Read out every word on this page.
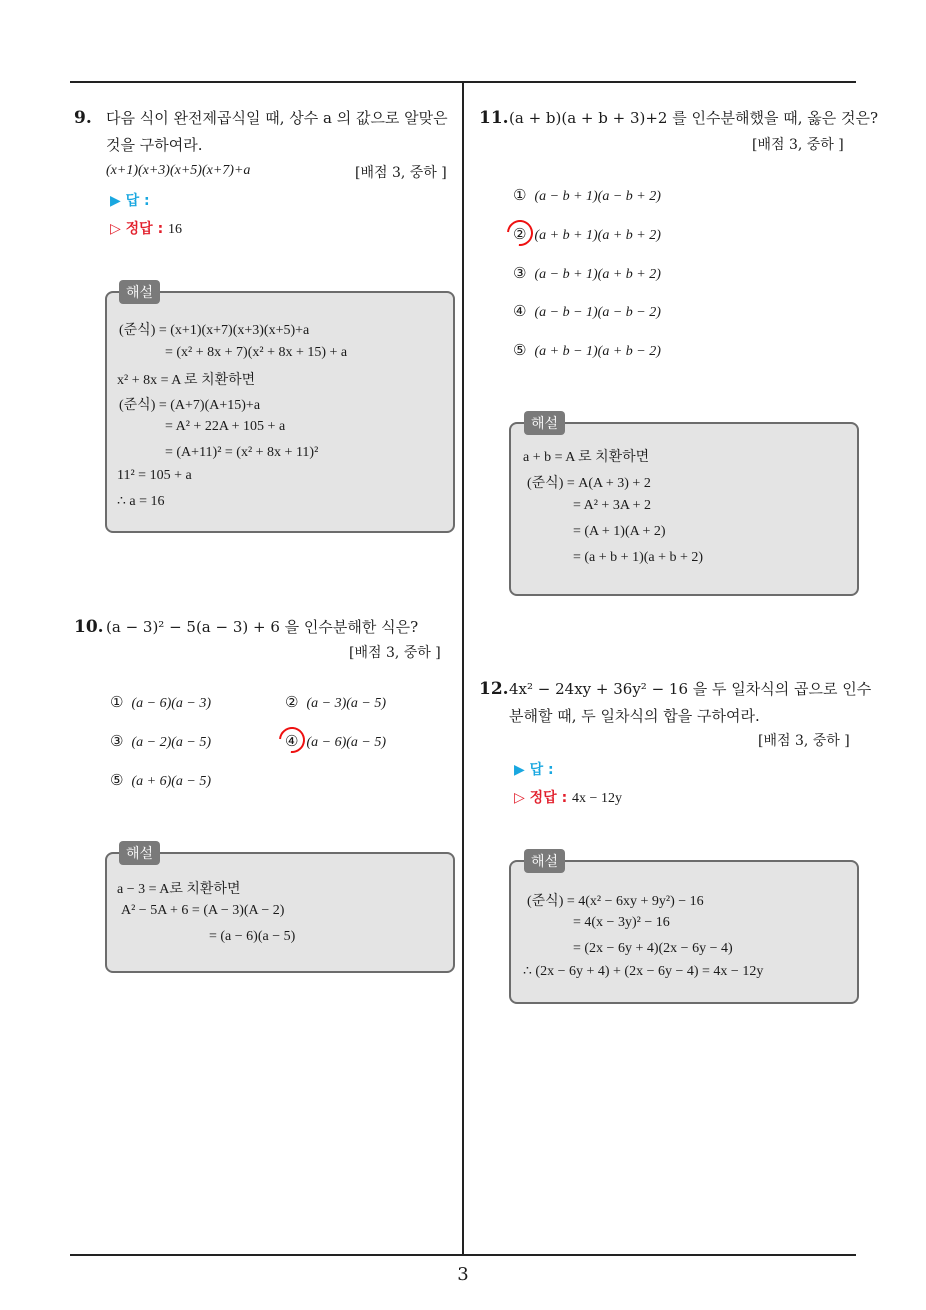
3
9. 다음 식이 완전제곱식일 때, 상수 a 의 값으로 알맞은
것을 구하여라.
(x+1)(x+3)(x+5)(x+7)+a	[배점 3, 중하 ]
▶ 답 :
▷ 정답 : 16
(준식) = (x+1)(x+7)(x+3)(x+5)+a
= (x² + 8x + 7)(x² + 8x + 15) + a
x² + 8x = A 로 치환하면
(준식) = (A+7)(A+15)+a
= A² + 22A + 105 + a
= (A+11)² = (x² + 8x + 11)²
11² = 105 + a
∴ a = 16
해설
10. (a − 3)² − 5(a − 3) + 6 을 인수분해한 식은?
[배점 3, 중하 ]
① (a − 6)(a − 3)	② (a − 3)(a − 5)
③ (a − 2)(a − 5)	④ (a − 6)(a − 5)
⑤ (a + 6)(a − 5)
a − 3 = A로 치환하면
A² − 5A + 6 = (A − 3)(A − 2)
= (a − 6)(a − 5)
해설
11. (a + b)(a + b + 3)+2 를 인수분해했을 때, 옳은 것은?
[배점 3, 중하 ]
① (a − b + 1)(a − b + 2)
② (a + b + 1)(a + b + 2)
③ (a − b + 1)(a + b + 2)
④ (a − b − 1)(a − b − 2)
⑤ (a + b − 1)(a + b − 2)
a + b = A 로 치환하면
(준식) = A(A + 3) + 2
= A² + 3A + 2
= (A + 1)(A + 2)
= (a + b + 1)(a + b + 2)
해설
12. 4x² − 24xy + 36y² − 16 을 두 일차식의 곱으로 인수
분해할 때, 두 일차식의 합을 구하여라.
[배점 3, 중하 ]
▶ 답 :
▷ 정답 : 4x − 12y
(준식) = 4(x² − 6xy + 9y²) − 16
= 4(x − 3y)² − 16
= (2x − 6y + 4)(2x − 6y − 4)
∴ (2x − 6y + 4) + (2x − 6y − 4) = 4x − 12y
해설
